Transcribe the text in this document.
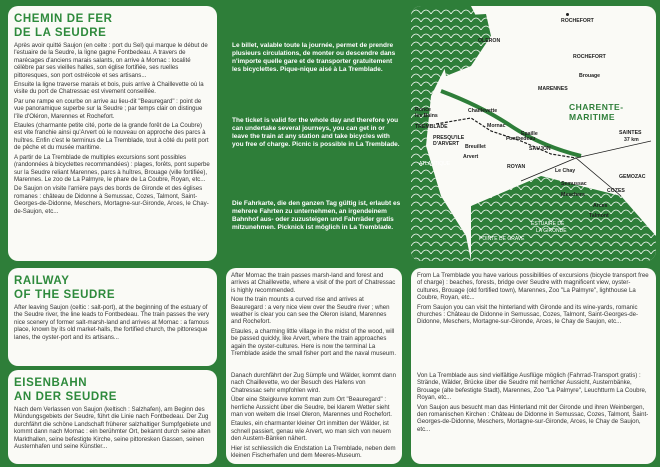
CHEMIN DE FER
DE LA SEUDRE

Après avoir quitté Saujon (en celte : port du Sel) qui marque le début de l'estuaire de la Seudre, la ligne gagne Fontbedeau. A travers de marécages d'anciens marais salants, on arrive à Mornac : localité célèbre par ses vieilles halles, son église fortifiée, ses ruelles pittoresques, son port ostréicole et ses artisans...

Ensuite la ligne traverse marais et bois, puis arrive à Chaillevette où la visite du port de Chatressac est vivement conseillée.

Par une rampe en courbe on arrive au lieu-dit "Beauregard" : point de vue panoramique superbe sur la Seudre ; par temps clair on distingue l'île d'Oléron, Marennes et Rochefort.

Etaules (charmante petite cité, porte de la grande forêt de La Coubre) est vite franchie ainsi qu'Arvert où le nouveau on approche des parcs à huîtres. Enfin c'est le terminus de La Tremblade, tout à côté du petit port de pêche et du musée maritime.

A partir de La Tremblade de multiples excursions sont possibles (randonnées à bicyclettes recommandées) : plages, forêts, pont superbe sur la Seudre reliant Marennes, parcs à huîtres, Brouage (ville fortifiée), Marennes. Le zoo de La Palmyre, le phare de La Coubre, Royan, etc...

De Saujon on visite l'arrière pays des bords de Gironde et des églises romanes : château de Didonne à Semussac, Cozes, Talmont, Saint-Georges-de-Didonne, Meschers, Mortagne-sur-Gironde, Arces, le Chay-de-Saujon, etc...

RAILWAY
OF THE SEUDRE

After leaving Saujon (celtic : salt-port), at the beginning of the estuary of the Seudre river, the line leads to Fontbedeau. The train passes the very nice scenery of former salt-marsh-land and arrives at Mornac : a famous place, known by its old market-halls, the fortified church, the pittoresque lanes, the oyster-port and its artisans...

EISENBAHN
AN DER SEUDRE

Nach dem Verlassen von Saujon (keltisch : Salzhafen), am Beginn des Mündungsgebiets der Seudre, führt die Linie nach Fontbedeau. Der Zug durchfährt die schöne Landschaft früherer salzhaltiger Sumpfgebiete und kommt dann nach Mornac : ein berühmter Ort, bekannt durch seine alten Markthallen, seine befestigte Kirche, seine pittoresken Gassen, seinen Austernhafen und seine Künstler...

Le billet, valable toute la journée, permet de prendre plusieurs circulations, de monter ou descendre dans n'importe quelle gare et de transporter gratuitement les bicyclettes. Pique-nique aisé à La Tremblade.
The ticket is valid for the whole day and therefore you can undertake several journeys, you can get in or leave the train at any station and take bicycles with you free of charge. Picnic is possible in La Tremblade.
Die Fahrkarte, die den ganzen Tag gültig ist, erlaubt es mehrere Fahrten zu unternehmen, an irgendeinem Bahnhof aus- oder zuzusteigen und Fahrräder gratis mitzunehmen. Picknick ist möglich in La Tremblade.

After Mornac the train passes marsh-land and forest and arrives at Chaillevette, where a visit of the port of Chatressac is highly recommended.

Now the train mounts a curved rise and arrives at Beauregard : a very nice view over the Seudre river ; when weather is clear you can see the Oleron island, Marennes and Rochefort.

Etaules, a charming little village in the midst of the wood, will be passed quickly, like Arvert, where the train approaches again the oyster-cultures. Here is now the terminal La Tremblade aside the small fisher port and the naval museum.

Danach durchfährt der Zug Sümpfe und Wälder, kommt dann nach Chaillevette, wo der Besuch des Hafens von Chatressac sehr empfohlen wird.

Über eine Steigkurve kommt man zum Ort "Beauregard" : herrliche Aussicht über die Seudre, bei klarem Wetter sieht man von weitem die Insel Oleron, Marennes und Rochefort.

Etaules, ein charmanter kleiner Ort inmitten der Wälder, ist schnell passiert, genau wie Arvert, wo man sich von neuem den Austern-Bänken nähert.

Hier ist schliesslich die Endstation La Tremblade, neben dem kleinen Fischerhafen und dem Meeres-Museum.

From La Tremblade you have various possibilities of excursions (bicycle transport free of charge) : beaches, forests, bridge over Seudre with magnificent view, oyster-cultures, Brouage (old fortified town), Marennes, Zoo "La Palmyre", lighthouse La Coubre, Royan, etc...

From Saujon you can visit the hinterland with Gironde and its wine-yards, romanic churches : Château de Didonne in Semussac, Cozes, Talmont, Saint-Georges-de-Didonne, Meschers, Mortagne-sur-Gironde, Arces, le Chay de Saujon, etc...

Von La Tremblade aus sind vielfältige Ausflüge möglich (Fahrrad-Transport gratis) : Strände, Wälder, Brücke über die Seudre mit herrlicher Aussicht, Austernbänke, Brouage (alte befestigte Stadt), Marennes, Zoo "La Palmyre", Leuchtturm La Coubre, Royan, etc...

Von Saujon aus besucht man das Hinterland mit der Gironde und ihren Weinbergen, den romanischen Kirchen : Château de Didonne in Semussac, Cozes, Talmont, Saint-Georges-de-Didonne, Meschers, Mortagne-sur-Gironde, Arces, le Chay de Saujon, etc...

ROCHEFORT
OLERON
ROCHEFORT
Brouage
MARENNES
CHARENTE-
MARITIME
Ronce
les Bains
TREMBLADE
Chaillevette
PRESQU'ILE
D'ARVERT
Mornac
Breuillet
Fontbedeau
Arvert
Epaille
SAUJON
SAINTES
37 km
ROYAN
Le Chay
Semussac
GEMOZAC
COZES
Meschers
Arces
Talmont
ATLANTIQUE
POINTE DE GRAVE
ESTUAIRE DE
LA GIRONDE
